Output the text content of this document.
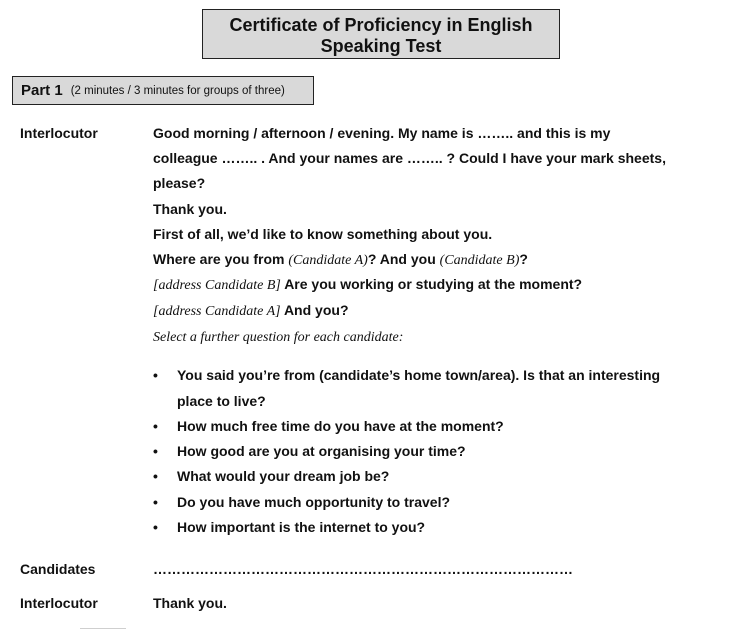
Certificate of Proficiency in English
Speaking Test
Part 1 (2 minutes / 3 minutes for groups of three)
Interlocutor	Good morning / afternoon / evening. My name is …….. and this is my
colleague …….. . And your names are …….. ? Could I have your mark sheets,
please?
Thank you.
First of all, we’d like to know something about you.
Where are you from (Candidate A)? And you (Candidate B)?
[address Candidate B] Are you working or studying at the moment?
[address Candidate A] And you?
Select a further question for each candidate:
• You said you’re from (candidate’s home town/area). Is that an interesting
place to live?
• How much free time do you have at the moment?
• How good are you at organising your time?
• What would your dream job be?
• Do you have much opportunity to travel?
• How important is the internet to you?
Candidates	………………………………………………………………………………
Interlocutor	Thank you.
